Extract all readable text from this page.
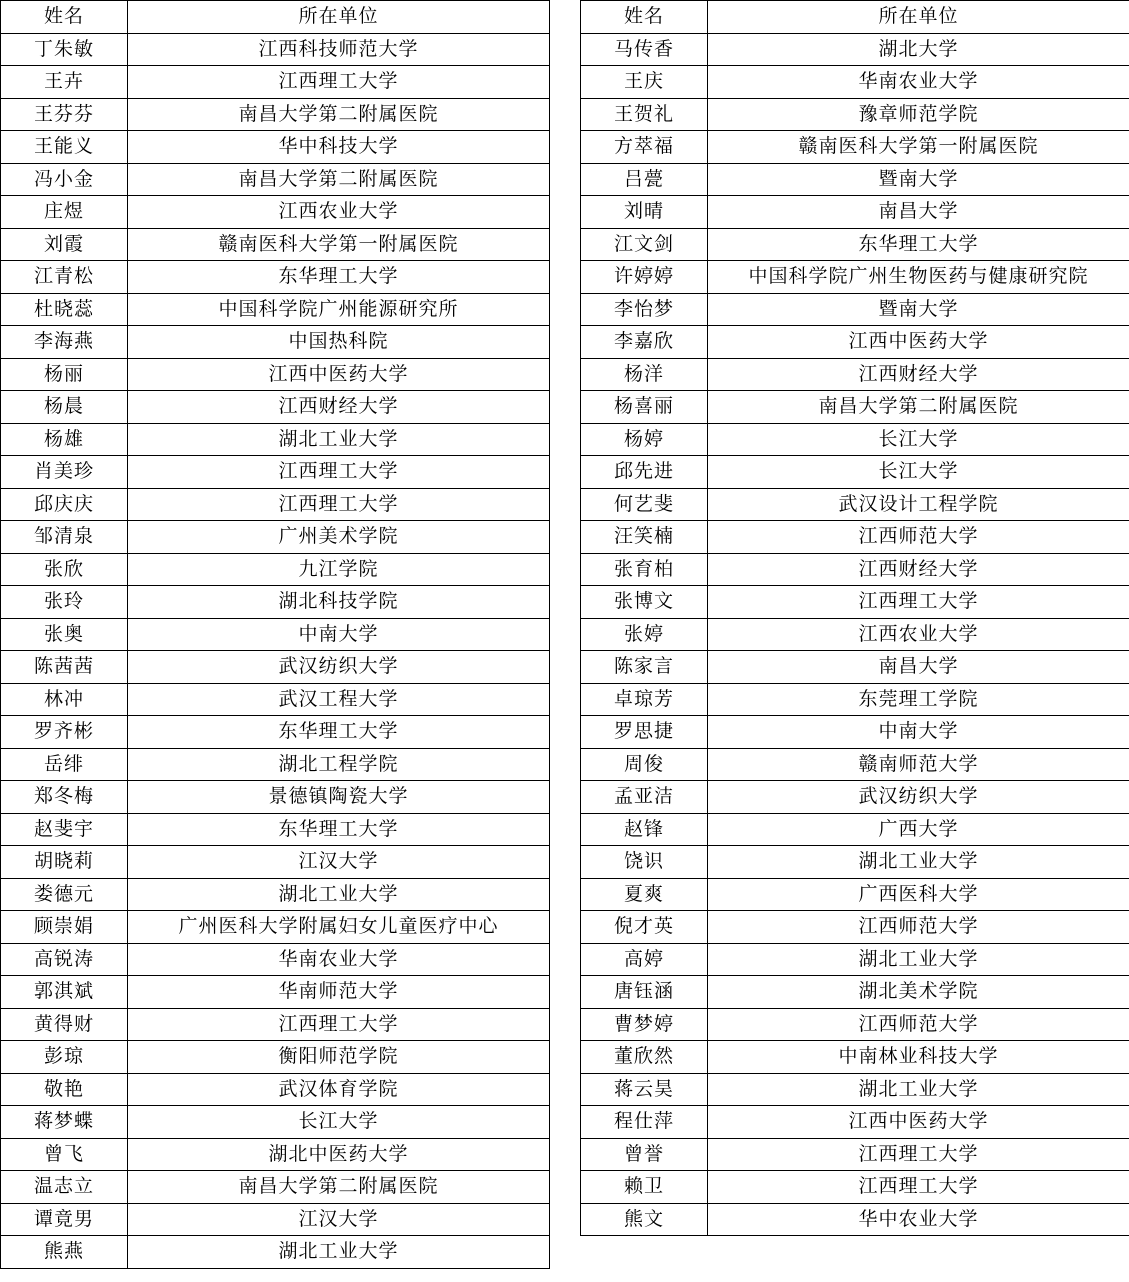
姓名	所在单位
丁朱敏	江西科技师范大学
王卉	江西理工大学
王芬芬	南昌大学第二附属医院
王能义	华中科技大学
冯小金	南昌大学第二附属医院
庄煜	江西农业大学
刘霞	赣南医科大学第一附属医院
江青松	东华理工大学
杜晓蕊	中国科学院广州能源研究所
李海燕	中国热科院
杨丽	江西中医药大学
杨晨	江西财经大学
杨雄	湖北工业大学
肖美珍	江西理工大学
邱庆庆	江西理工大学
邹清泉	广州美术学院
张欣	九江学院
张玲	湖北科技学院
张奥	中南大学
陈茜茜	武汉纺织大学
林冲	武汉工程大学
罗齐彬	东华理工大学
岳绯	湖北工程学院
郑冬梅	景德镇陶瓷大学
赵斐宇	东华理工大学
胡晓莉	江汉大学
娄德元	湖北工业大学
顾崇娟	广州医科大学附属妇女儿童医疗中心
高锐涛	华南农业大学
郭淇斌	华南师范大学
黄得财	江西理工大学
彭琼	衡阳师范学院
敬艳	武汉体育学院
蒋梦蝶	长江大学
曾飞	湖北中医药大学
温志立	南昌大学第二附属医院
谭竟男	江汉大学
熊燕	湖北工业大学
姓名	所在单位
马传香	湖北大学
王庆	华南农业大学
王贺礼	豫章师范学院
方萃福	赣南医科大学第一附属医院
吕甍	暨南大学
刘晴	南昌大学
江文剑	东华理工大学
许婷婷	中国科学院广州生物医药与健康研究院
李怡梦	暨南大学
李嘉欣	江西中医药大学
杨洋	江西财经大学
杨喜丽	南昌大学第二附属医院
杨婷	长江大学
邱先进	长江大学
何艺斐	武汉设计工程学院
汪笑楠	江西师范大学
张育柏	江西财经大学
张博文	江西理工大学
张婷	江西农业大学
陈家言	南昌大学
卓琼芳	东莞理工学院
罗思捷	中南大学
周俊	赣南师范大学
孟亚洁	武汉纺织大学
赵锋	广西大学
饶识	湖北工业大学
夏爽	广西医科大学
倪才英	江西师范大学
高婷	湖北工业大学
唐钰涵	湖北美术学院
曹梦婷	江西师范大学
董欣然	中南林业科技大学
蒋云昊	湖北工业大学
程仕萍	江西中医药大学
曾誉	江西理工大学
赖卫	江西理工大学
熊文	华中农业大学
